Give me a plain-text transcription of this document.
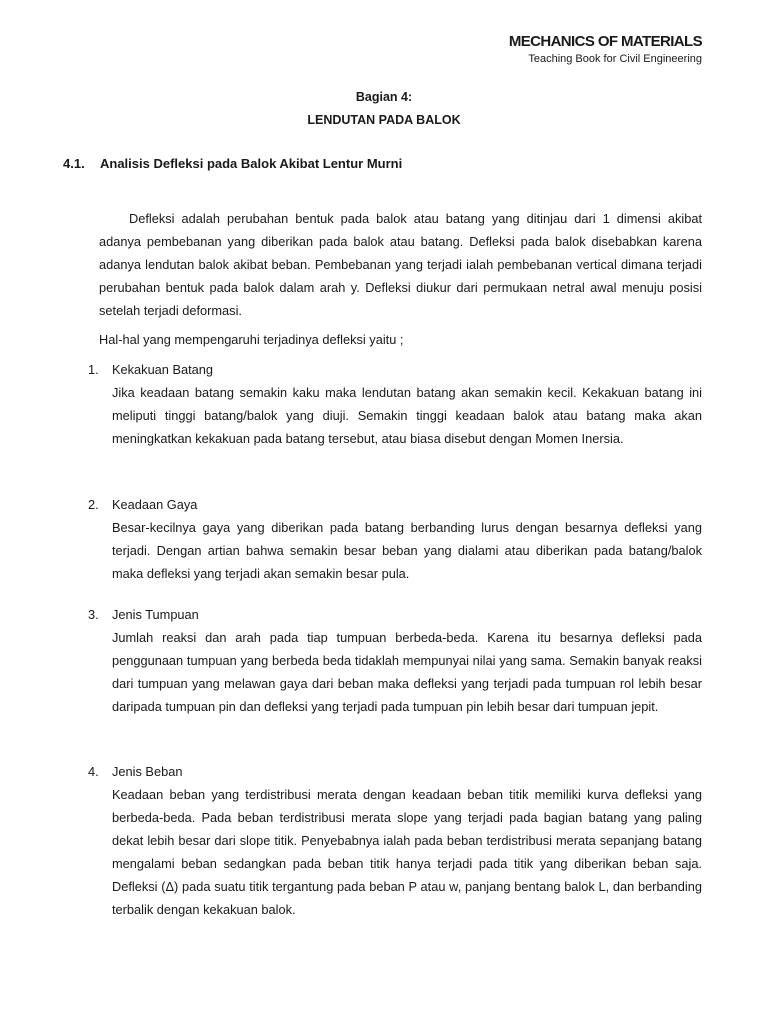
MECHANICS OF MATERIALS
Teaching Book for Civil Engineering
Bagian 4:
LENDUTAN PADA BALOK
4.1. Analisis Defleksi pada Balok Akibat Lentur Murni

Defleksi adalah perubahan bentuk pada balok atau batang yang ditinjau dari 1 dimensi akibat adanya pembebanan yang diberikan pada balok atau batang. Defleksi pada balok disebabkan karena adanya lendutan balok akibat beban. Pembebanan yang terjadi ialah pembebanan vertical dimana terjadi perubahan bentuk pada balok dalam arah y. Defleksi diukur dari permukaan netral awal menuju posisi setelah terjadi deformasi.

Hal-hal yang mempengaruhi terjadinya defleksi yaitu ;

1. Kekakuan Batang

Jika keadaan batang semakin kaku maka lendutan batang akan semakin kecil. Kekakuan batang ini meliputi tinggi batang/balok yang diuji. Semakin tinggi keadaan balok atau batang maka akan meningkatkan kekakuan pada batang tersebut, atau biasa disebut dengan Momen Inersia.

2. Keadaan Gaya

Besar-kecilnya gaya yang diberikan pada batang berbanding lurus dengan besarnya defleksi yang terjadi. Dengan artian bahwa semakin besar beban yang dialami atau diberikan pada batang/balok maka defleksi yang terjadi akan semakin besar pula.

3. Jenis Tumpuan

Jumlah reaksi dan arah pada tiap tumpuan berbeda-beda. Karena itu besarnya defleksi pada penggunaan tumpuan yang berbeda beda tidaklah mempunyai nilai yang sama. Semakin banyak reaksi dari tumpuan yang melawan gaya dari beban maka defleksi yang terjadi pada tumpuan rol lebih besar daripada tumpuan pin dan defleksi yang terjadi pada tumpuan pin lebih besar dari tumpuan jepit.

4. Jenis Beban

Keadaan beban yang terdistribusi merata dengan keadaan beban titik memiliki kurva defleksi yang berbeda-beda. Pada beban terdistribusi merata slope yang terjadi pada bagian batang yang paling dekat lebih besar dari slope titik. Penyebabnya ialah pada beban terdistribusi merata sepanjang batang mengalami beban sedangkan pada beban titik hanya terjadi pada titik yang diberikan beban saja. Defleksi (Δ) pada suatu titik tergantung pada beban P atau w, panjang bentang balok L, dan berbanding terbalik dengan kekakuan balok.
